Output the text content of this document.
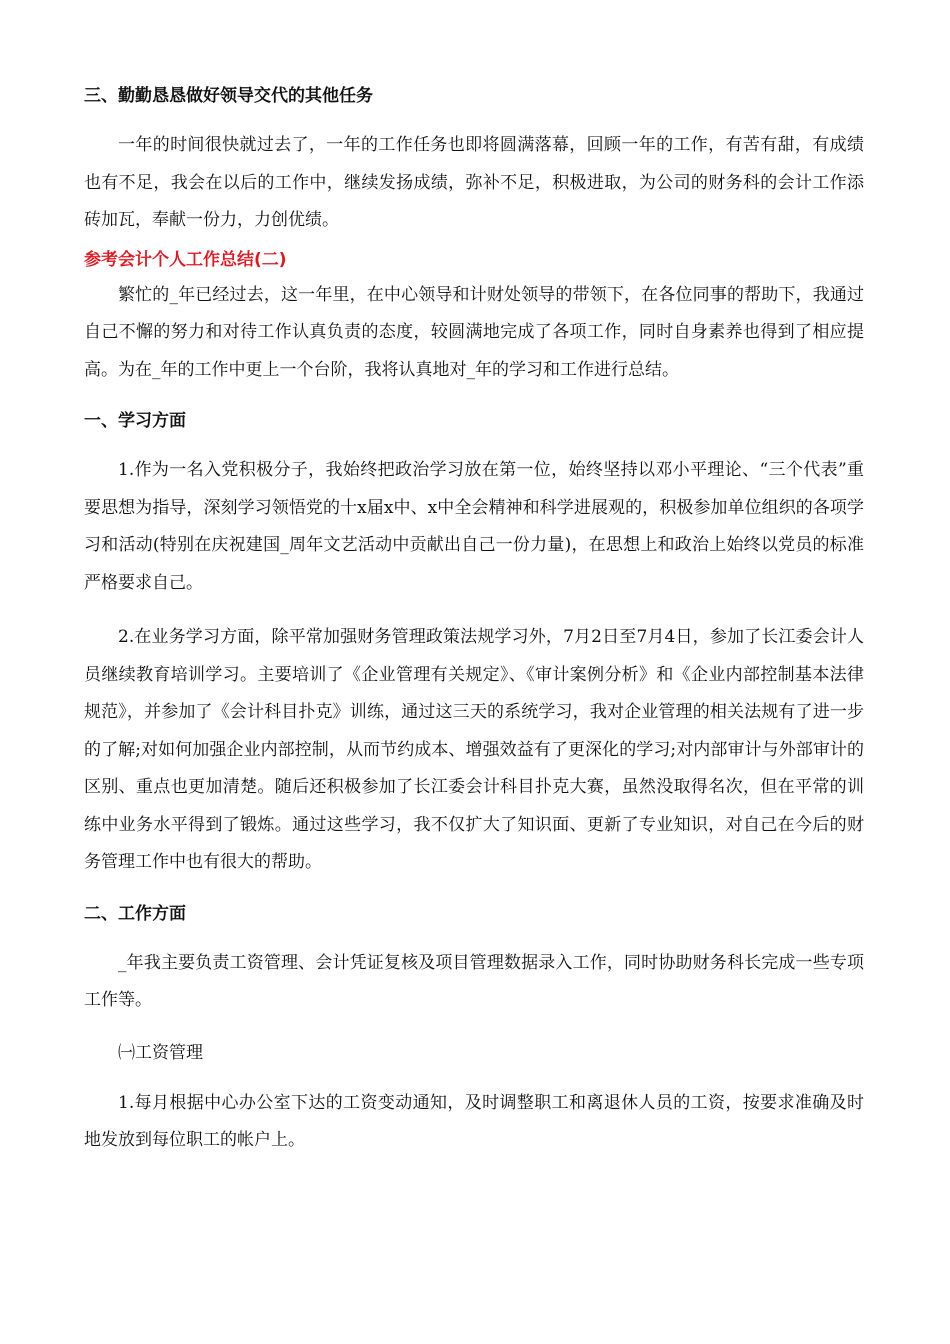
三、勤勤恳恳做好领导交代的其他任务

一年的时间很快就过去了，一年的工作任务也即将圆满落幕，回顾一年的工作，有苦有甜，有成绩也有不足，我会在以后的工作中，继续发扬成绩，弥补不足，积极进取，为公司的财务科的会计工作添砖加瓦，奉献一份力，力创优绩。

参考会计个人工作总结(二)

繁忙的_年已经过去，这一年里，在中心领导和计财处领导的带领下，在各位同事的帮助下，我通过自己不懈的努力和对待工作认真负责的态度，较圆满地完成了各项工作，同时自身素养也得到了相应提高。为在_年的工作中更上一个台阶，我将认真地对_年的学习和工作进行总结。

一、学习方面

1.作为一名入党积极分子，我始终把政治学习放在第一位，始终坚持以邓小平理论、“三个代表”重要思想为指导，深刻学习领悟党的十x届x中、x中全会精神和科学进展观的，积极参加单位组织的各项学习和活动(特别在庆祝建国_周年文艺活动中贡献出自己一份力量)，在思想上和政治上始终以党员的标准严格要求自己。

2.在业务学习方面，除平常加强财务管理政策法规学习外，7月2日至7月4日，参加了长江委会计人员继续教育培训学习。主要培训了《企业管理有关规定》、《审计案例分析》和《企业内部控制基本法律规范》，并参加了《会计科目扑克》训练，通过这三天的系统学习，我对企业管理的相关法规有了进一步的了解;对如何加强企业内部控制，从而节约成本、增强效益有了更深化的学习;对内部审计与外部审计的区别、重点也更加清楚。随后还积极参加了长江委会计科目扑克大赛，虽然没取得名次，但在平常的训练中业务水平得到了锻炼。通过这些学习，我不仅扩大了知识面、更新了专业知识，对自己在今后的财务管理工作中也有很大的帮助。

二、工作方面

_年我主要负责工资管理、会计凭证复核及项目管理数据录入工作，同时协助财务科长完成一些专项工作等。

㈠工资管理

1.每月根据中心办公室下达的工资变动通知，及时调整职工和离退休人员的工资，按要求准确及时地发放到每位职工的帐户上。
